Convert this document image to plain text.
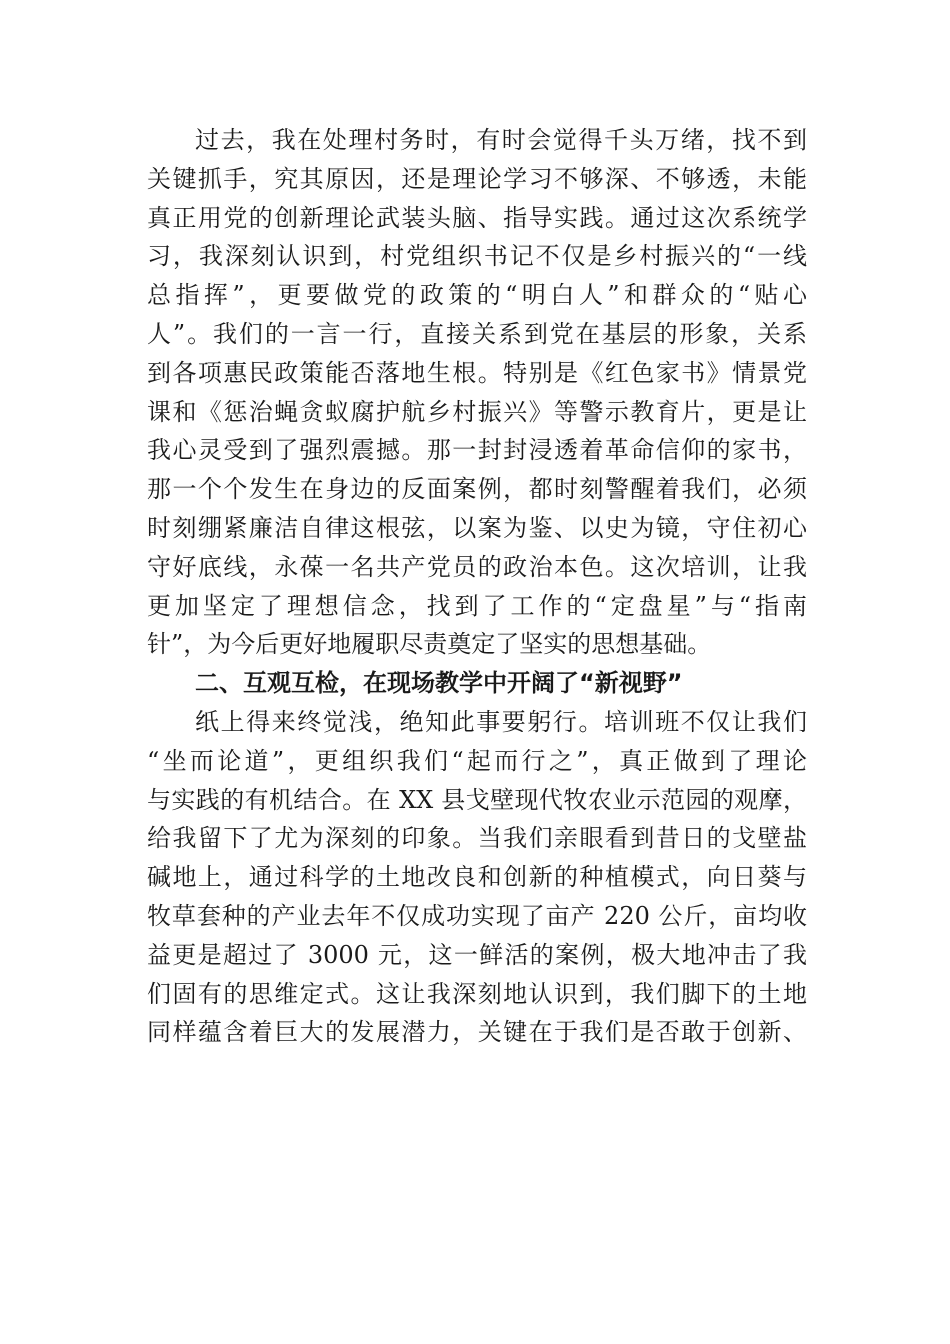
过去，我在处理村务时，有时会觉得千头万绪，找不到
关键抓手，究其原因，还是理论学习不够深、不够透，未能
真正用党的创新理论武装头脑、指导实践。通过这次系统学
习，我深刻认识到，村党组织书记不仅是乡村振兴的“一线
总指挥”，更要做党的政策的“明白人”和群众的“贴心
人”。我们的一言一行，直接关系到党在基层的形象，关系
到各项惠民政策能否落地生根。特别是《红色家书》情景党
课和《惩治蝇贪蚁腐护航乡村振兴》等警示教育片，更是让
我心灵受到了强烈震撼。那一封封浸透着革命信仰的家书，
那一个个发生在身边的反面案例，都时刻警醒着我们，必须
时刻绷紧廉洁自律这根弦，以案为鉴、以史为镜，守住初心
守好底线，永葆一名共产党员的政治本色。这次培训，让我
更加坚定了理想信念，找到了工作的“定盘星”与“指南
针”，为今后更好地履职尽责奠定了坚实的思想基础。
二、互观互检，在现场教学中开阔了“新视野”
纸上得来终觉浅，绝知此事要躬行。培训班不仅让我们
“坐而论道”，更组织我们“起而行之”，真正做到了理论
与实践的有机结合。在 XX 县戈壁现代牧农业示范园的观摩，
给我留下了尤为深刻的印象。当我们亲眼看到昔日的戈壁盐
碱地上，通过科学的土地改良和创新的种植模式，向日葵与
牧草套种的产业去年不仅成功实现了亩产 220 公斤，亩均收
益更是超过了 3000 元，这一鲜活的案例，极大地冲击了我
们固有的思维定式。这让我深刻地认识到，我们脚下的土地
同样蕴含着巨大的发展潜力，关键在于我们是否敢于创新、
